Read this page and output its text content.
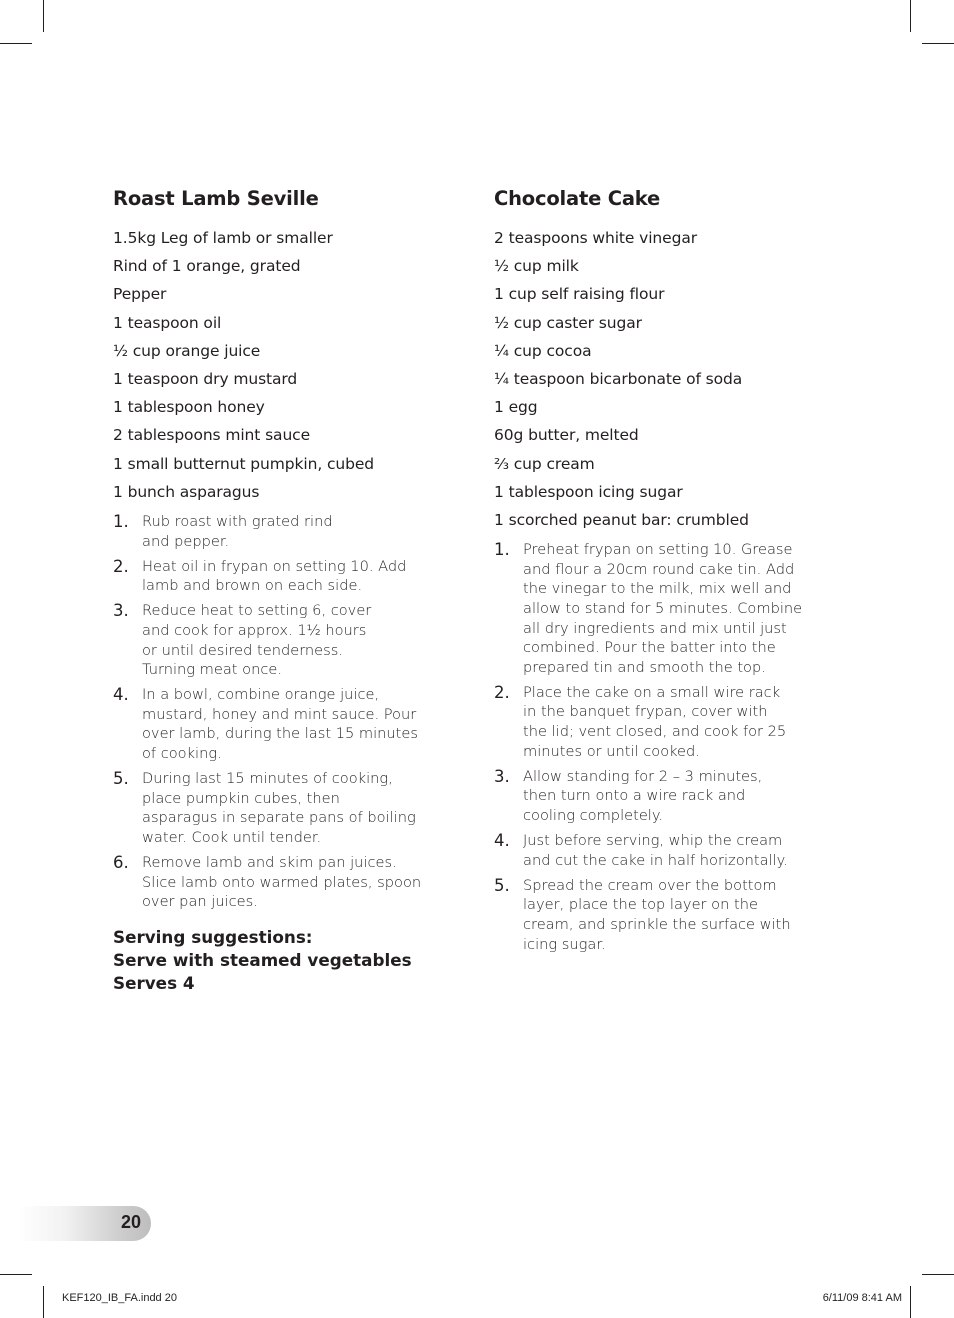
Roast Lamb Seville
1.5kg Leg of lamb or smaller
Rind of 1 orange, grated
Pepper
1 teaspoon oil
½ cup orange juice
1 teaspoon dry mustard
1 tablespoon honey
2 tablespoons mint sauce
1 small butternut pumpkin, cubed
1 bunch asparagus
1. Rub roast with grated rind
and pepper.
2. Heat oil in frypan on setting 10. Add
lamb and brown on each side.
3. Reduce heat to setting 6, cover
and cook for approx. 1½ hours
or until desired tenderness.
Turning meat once.
4. In a bowl, combine orange juice,
mustard, honey and mint sauce. Pour
over lamb, during the last 15 minutes
of cooking.
5. During last 15 minutes of cooking,
place pumpkin cubes, then
asparagus in separate pans of boiling
water. Cook until tender.
6. Remove lamb and skim pan juices.
Slice lamb onto warmed plates, spoon
over pan juices.
Serving suggestions:
Serve with steamed vegetables
Serves 4
Chocolate Cake
2 teaspoons white vinegar
½ cup milk
1 cup self raising flour
½ cup caster sugar
¼ cup cocoa
¼ teaspoon bicarbonate of soda
1 egg
60g butter, melted
⅔ cup cream
1 tablespoon icing sugar
1 scorched peanut bar: crumbled
1. Preheat frypan on setting 10. Grease
and flour a 20cm round cake tin. Add
the vinegar to the milk, mix well and
allow to stand for 5 minutes. Combine
all dry ingredients and mix until just
combined. Pour the batter into the
prepared tin and smooth the top.
2. Place the cake on a small wire rack
in the banquet frypan, cover with
the lid; vent closed, and cook for 25
minutes or until cooked.
3. Allow standing for 2 – 3 minutes,
then turn onto a wire rack and
cooling completely.
4. Just before serving, whip the cream
and cut the cake in half horizontally.
5. Spread the cream over the bottom
layer, place the top layer on the
cream, and sprinkle the surface with
icing sugar.
20
KEF120_IB_FA.indd 20	6/11/09 8:41 AM
